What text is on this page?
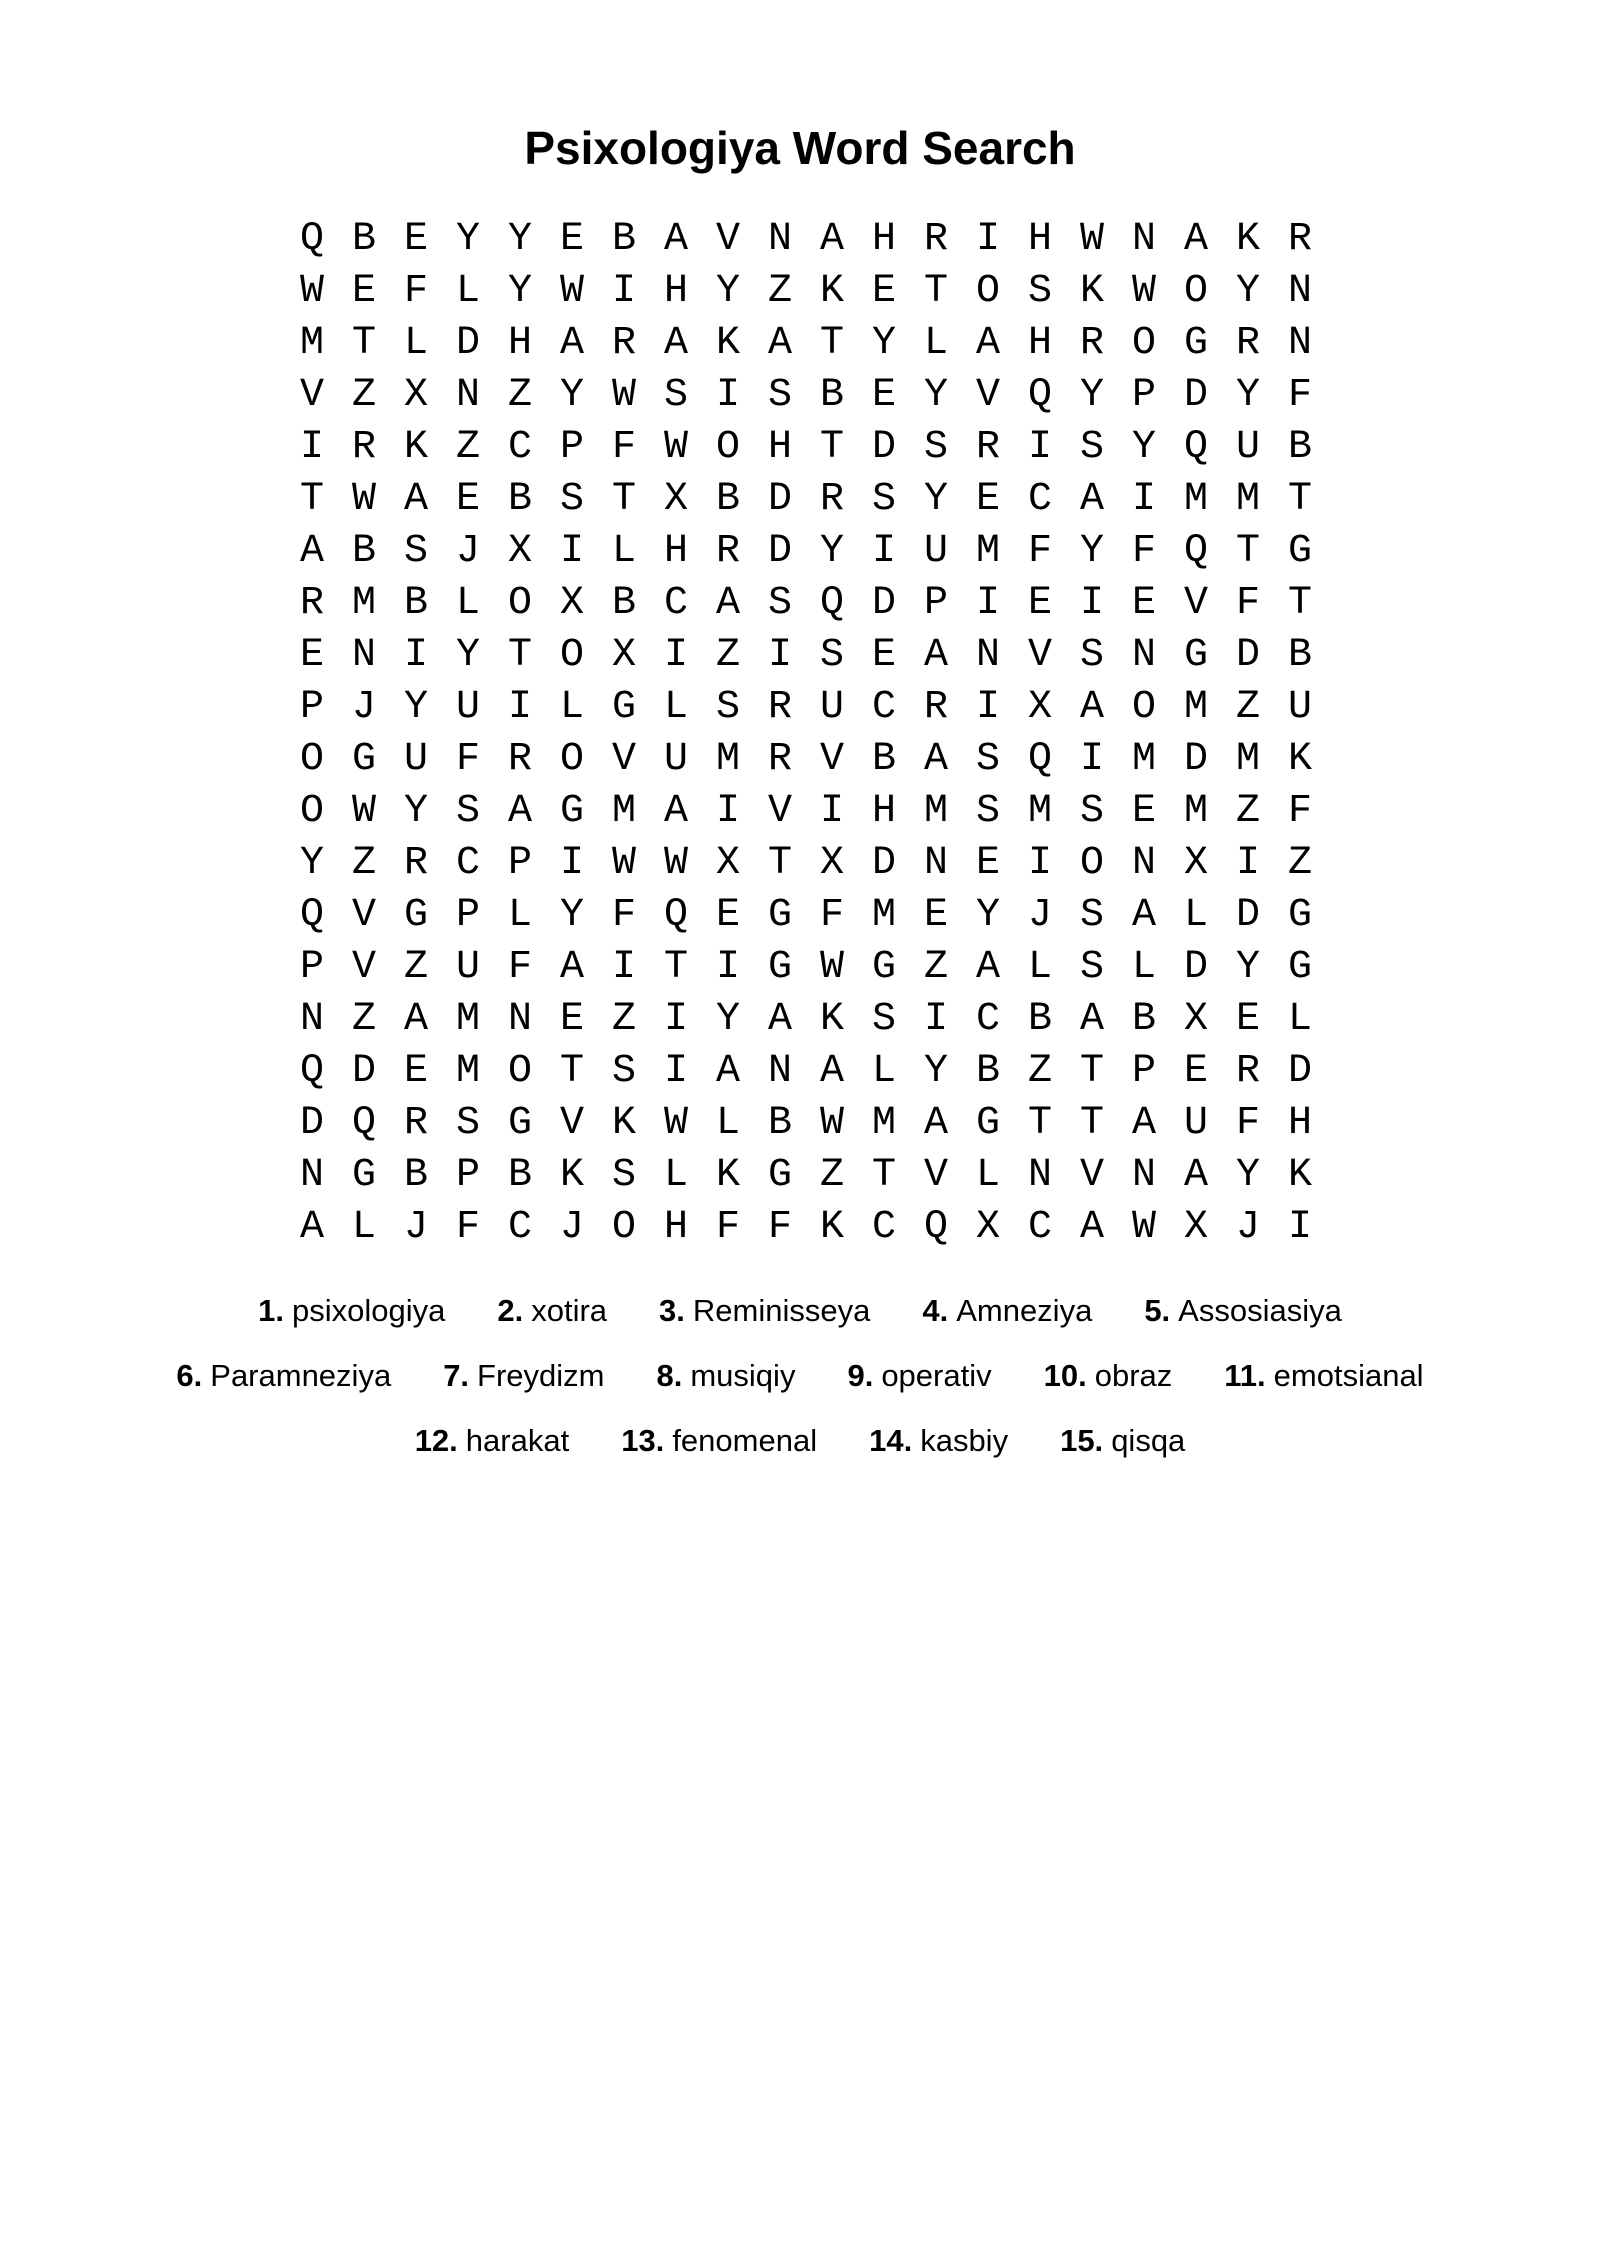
Psixologiya Word Search
Q B E Y Y E B A V N A H R I H W N A K R
W E F L Y W I H Y Z K E T O S K W O Y N
M T L D H A R A K A T Y L A H R O G R N
V Z X N Z Y W S I S B E Y V Q Y P D Y F
I R K Z C P F W O H T D S R I S Y Q U B
T W A E B S T X B D R S Y E C A I M M T
A B S J X I L H R D Y I U M F Y F Q T G
R M B L O X B C A S Q D P I E I E V F T
E N I Y T O X I Z I S E A N V S N G D B
P J Y U I L G L S R U C R I X A O M Z U
O G U F R O V U M R V B A S Q I M D M K
O W Y S A G M A I V I H M S M S E M Z F
Y Z R C P I W W X T X D N E I O N X I Z
Q V G P L Y F Q E G F M E Y J S A L D G
P V Z U F A I T I G W G Z A L S L D Y G
N Z A M N E Z I Y A K S I C B A B X E L
Q D E M O T S I A N A L Y B Z T P E R D
D Q R S G V K W L B W M A G T T A U F H
N G B P B K S L K G Z T V L N V N A Y K
A L J F C J O H F F K C Q X C A W X J I
1. psixologiya 2. xotira 3. Reminisseya 4. Amneziya 5. Assosiasiya
6. Paramneziya 7. Freydizm 8. musiqiy 9. operativ 10. obraz 11. emotsianal
12. harakat 13. fenomenal 14. kasbiy 15. qisqa
